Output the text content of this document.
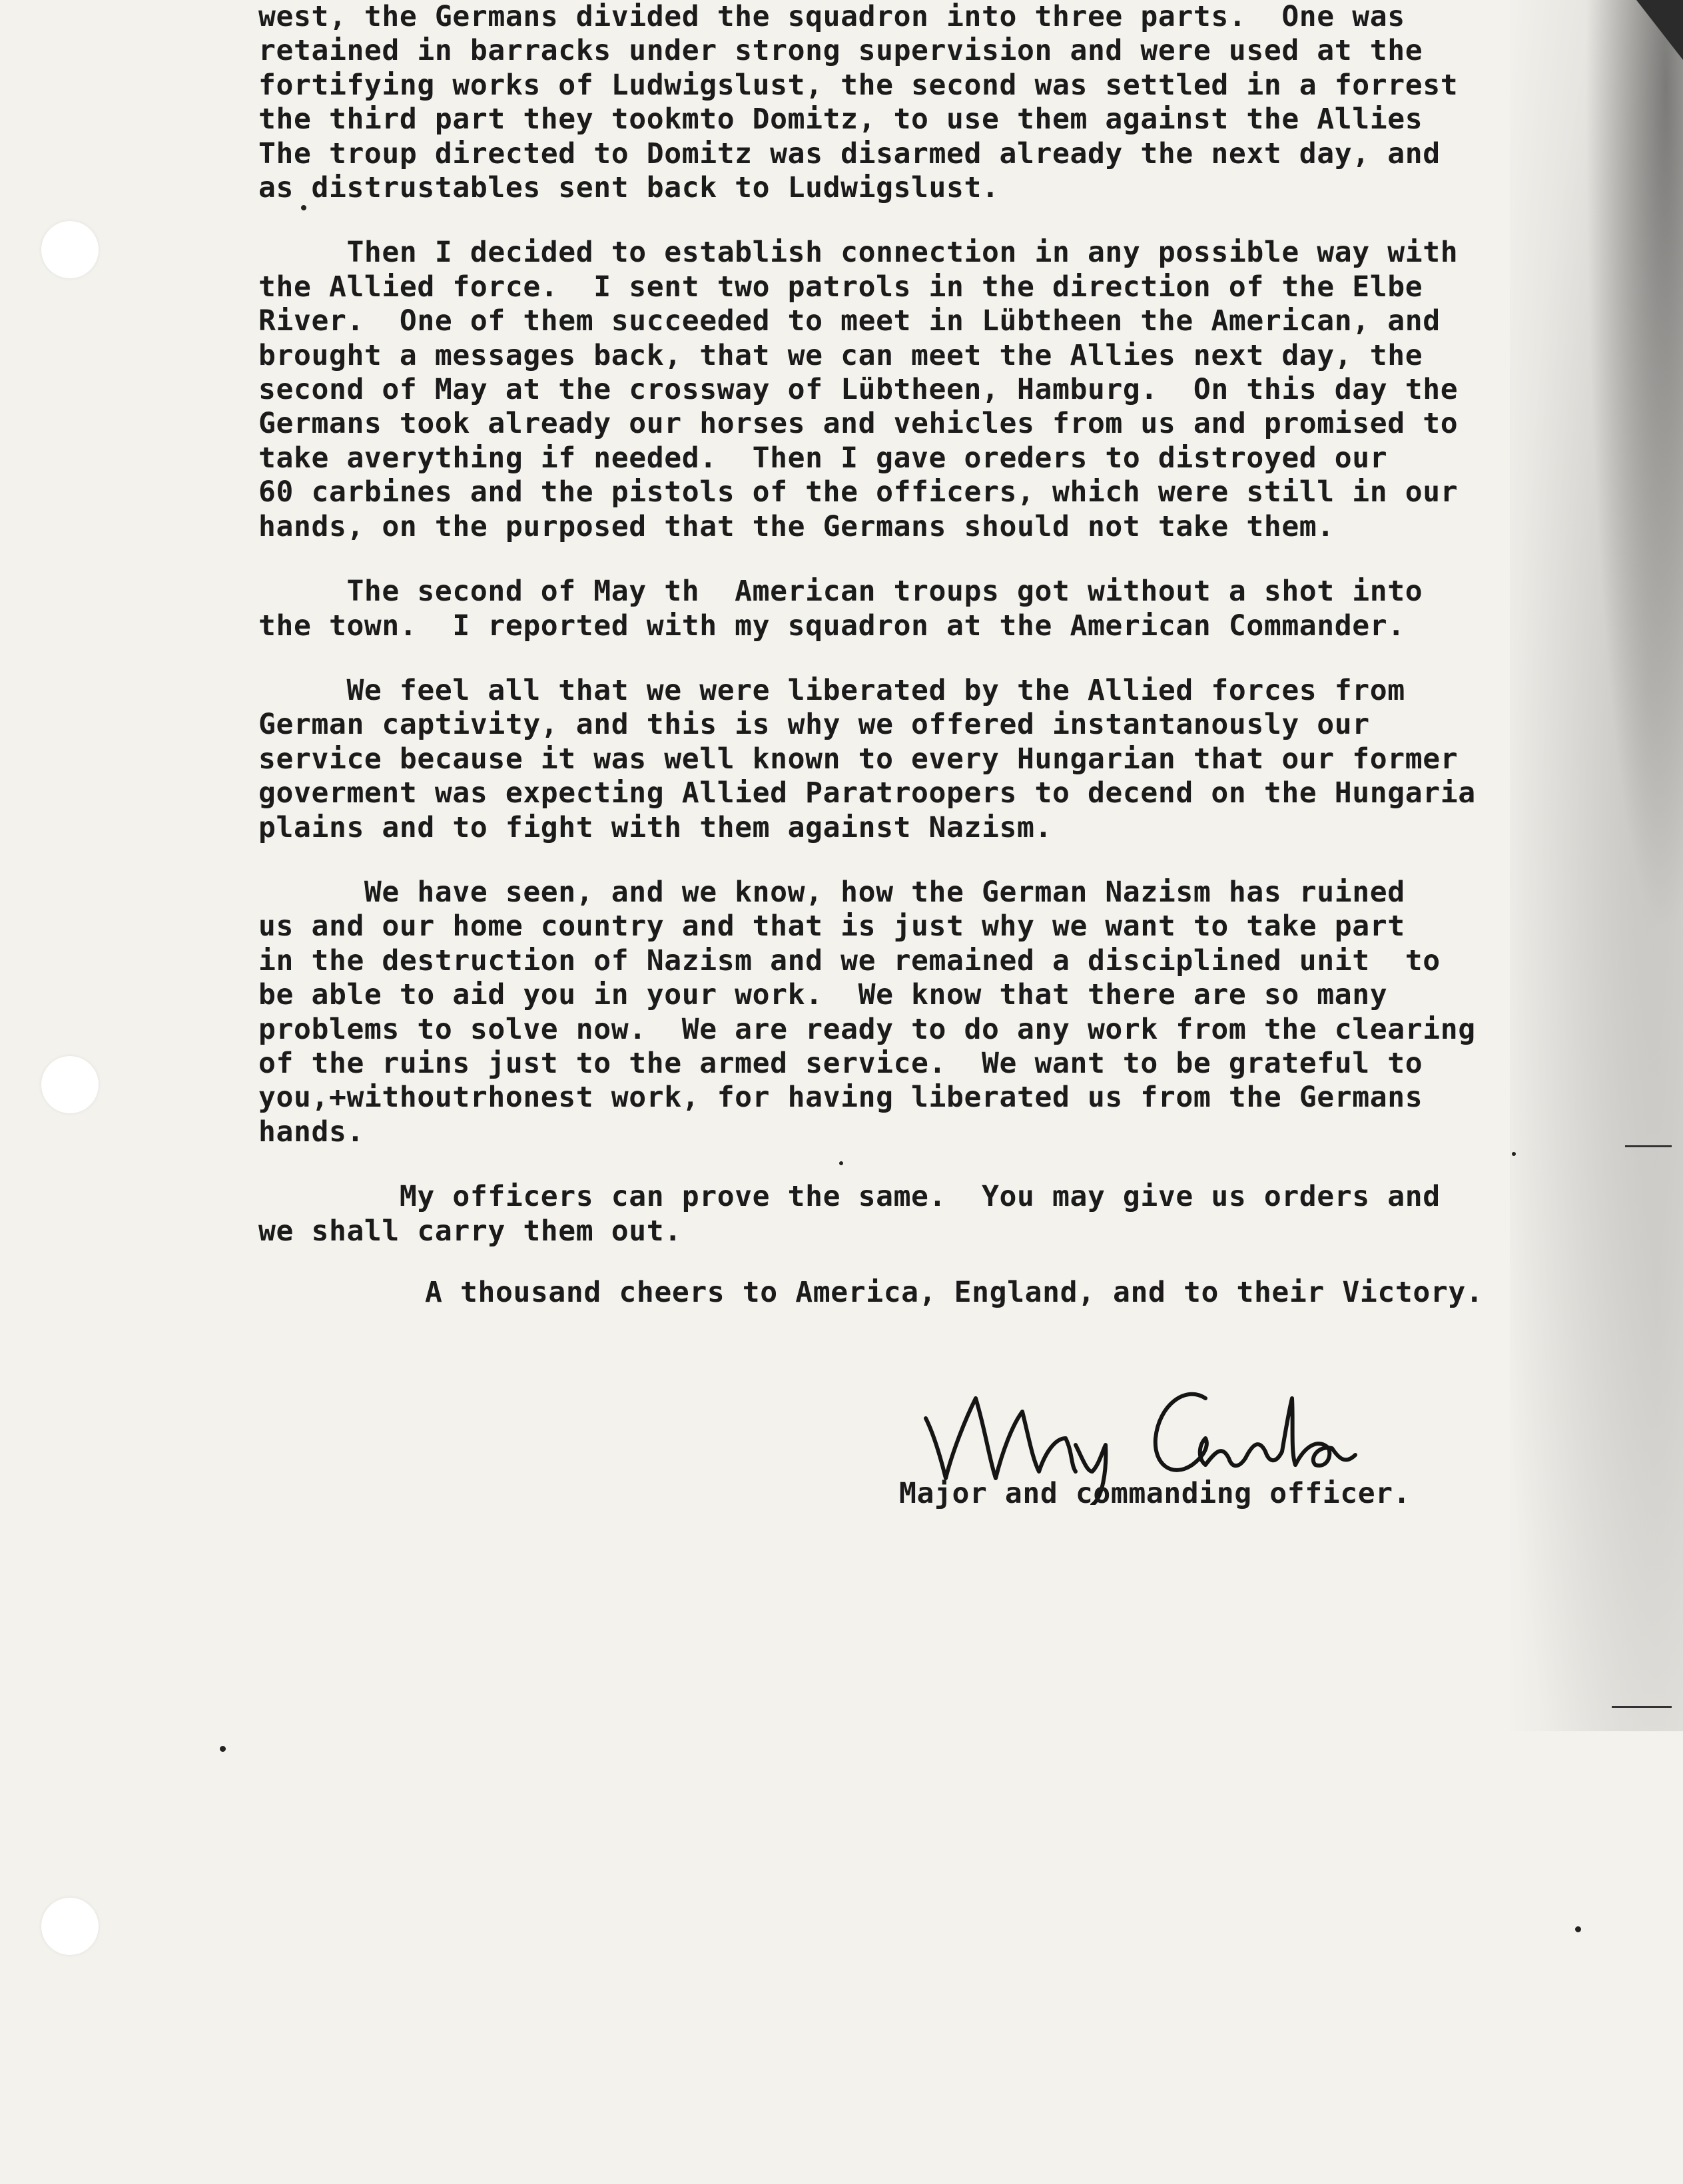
west, the Germans divided the squadron into three parts.  One was
retained in barracks under strong supervision and were used at the
fortifying works of Ludwigslust, the second was settled in a forrest
the third part they tookmto Domitz, to use them against the Allies
The troup directed to Domitz was disarmed already the next day, and
as distrustables sent back to Ludwigslust.
Then I decided to establish connection in any possible way with
the Allied force.  I sent two patrols in the direction of the Elbe
River.  One of them succeeded to meet in Lübtheen the American, and
brought a messages back, that we can meet the Allies next day, the
second of May at the crossway of Lübtheen, Hamburg.  On this day the
Germans took already our horses and vehicles from us and promised to
take averything if needed.  Then I gave oreders to distroyed our
60 carbines and the pistols of the officers, which were still in our
hands, on the purposed that the Germans should not take them.
The second of May th  American troups got without a shot into
the town.  I reported with my squadron at the American Commander.
We feel all that we were liberated by the Allied forces from
German captivity, and this is why we offered instantanously our
service because it was well known to every Hungarian that our former
goverment was expecting Allied Paratroopers to decend on the Hungaria
plains and to fight with them against Nazism.
We have seen, and we know, how the German Nazism has ruined
us and our home country and that is just why we want to take part
in the destruction of Nazism and we remained a disciplined unit  to
be able to aid you in your work.  We know that there are so many
problems to solve now.  We are ready to do any work from the clearing
of the ruins just to the armed service.  We want to be grateful to
you,+withoutrhonest work, for having liberated us from the Germans
hands.
My officers can prove the same.  You may give us orders and
we shall carry them out.
A thousand cheers to America, England, and to their Victory.
Major and commanding officer.
